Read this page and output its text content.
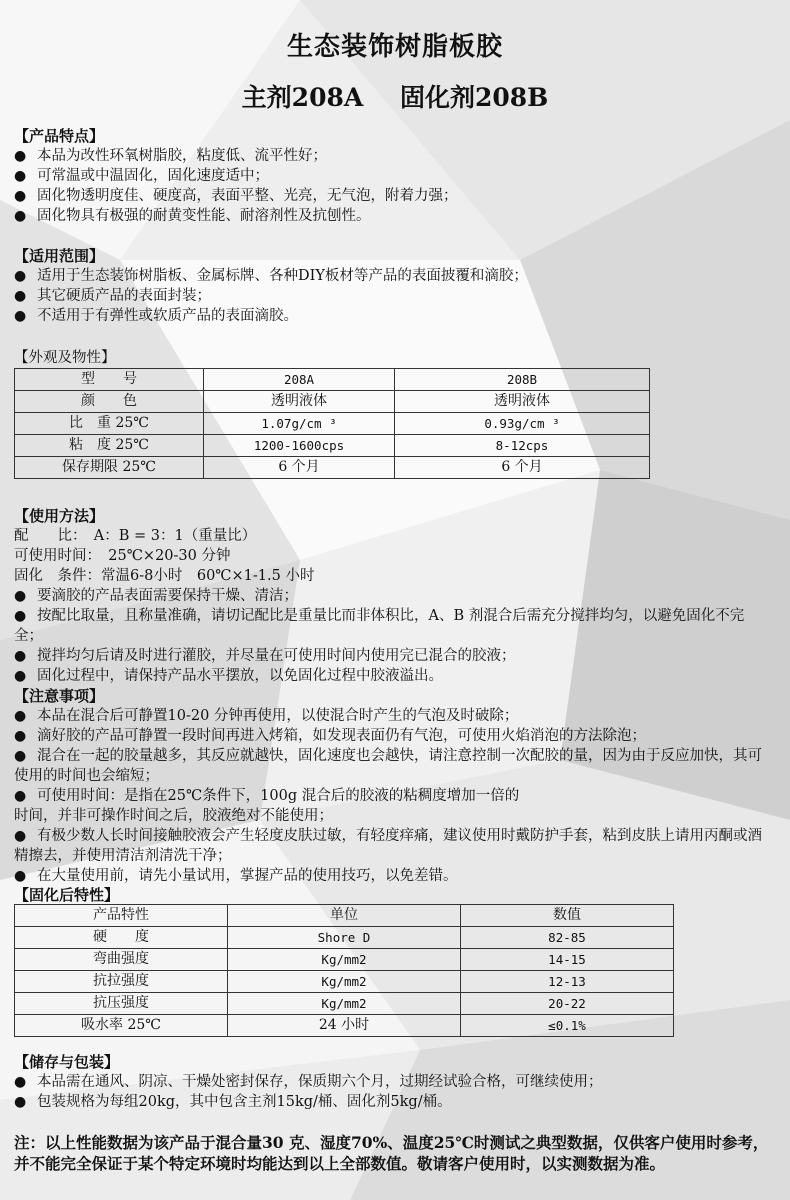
生态装饰树脂板胶
主剂208A 固化剂208B
【产品特点】
● 本品为改性环氧树脂胶，粘度低、流平性好；
● 可常温或中温固化，固化速度适中；
● 固化物透明度佳、硬度高，表面平整、光亮，无气泡，附着力强；
● 固化物具有极强的耐黄变性能、耐溶剂性及抗刨性。
【适用范围】
● 适用于生态装饰树脂板、金属标牌、各种DIY板材等产品的表面披覆和滴胶；
● 其它硬质产品的表面封装；
● 不适用于有弹性或软质产品的表面滴胶。
【外观及物性】
型　　号	208A	208B
颜　　色	透明液体	透明液体
比　重 25℃	1.07g/cm ³	0.93g/cm ³
粘　度 25℃	1200-1600cps	8-12cps
保存期限 25℃	6 个月	6 个月
【使用方法】
配　　比：　A：B = 3：1（重量比）
可使用时间：　25℃×20-30 分钟
固化　条件：常温6-8小时　60℃×1-1.5 小时
● 要滴胶的产品表面需要保持干燥、清洁；
● 按配比取量，且称量准确，请切记配比是重量比而非体积比，A、B 剂混合后需充分搅拌均匀，以避免固化不完全；
● 搅拌均匀后请及时进行灌胶，并尽量在可使用时间内使用完已混合的胶液；
● 固化过程中，请保持产品水平摆放，以免固化过程中胶液溢出。
【注意事项】
● 本品在混合后可静置10-20 分钟再使用，以使混合时产生的气泡及时破除；
● 滴好胶的产品可静置一段时间再进入烤箱，如发现表面仍有气泡，可使用火焰消泡的方法除泡；
● 混合在一起的胶量越多，其反应就越快，固化速度也会越快，请注意控制一次配胶的量，因为由于反应加快，其可使用的时间也会缩短；
● 可使用时间：是指在25℃条件下，100g 混合后的胶液的粘稠度增加一倍的
时间，并非可操作时间之后，胶液绝对不能使用；
● 有极少数人长时间接触胶液会产生轻度皮肤过敏，有轻度痒痛，建议使用时戴防护手套，粘到皮肤上请用丙酮或酒精擦去，并使用清洁剂清洗干净；
● 在大量使用前，请先小量试用，掌握产品的使用技巧，以免差错。
【固化后特性】
产品特性	单位	数值
硬　　度	Shore D	82-85
弯曲强度	Kg/mm2	14-15
抗拉强度	Kg/mm2	12-13
抗压强度	Kg/mm2	20-22
吸水率 25℃	24 小时	≤0.1%
【储存与包装】
● 本品需在通风、阴凉、干燥处密封保存，保质期六个月，过期经试验合格，可继续使用；
● 包装规格为每组20kg，其中包含主剂15kg/桶、固化剂5kg/桶。
注：以上性能数据为该产品于混合量30 克、湿度70%、温度25℃时测试之典型数据，仅供客户使用时参考，并不能完全保证于某个特定环境时均能达到以上全部数值。敬请客户使用时，以实测数据为准。
